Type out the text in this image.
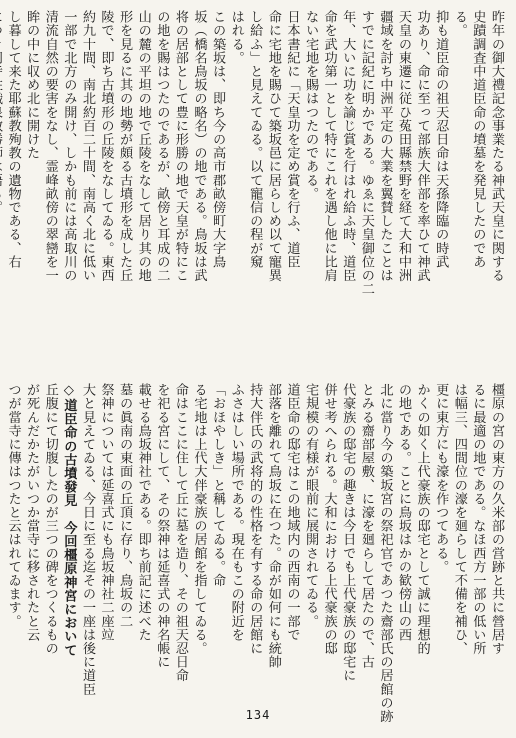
橿原の宮の東方の久米部の営跡と共に營居す
るに最適の地である。なほ西方一部の低い所
は幅三、四間位の濠を廻らして不備を補ひ、
更に東方にも濠を作つてある。
かくの如く上代豪族の邸宅として誠に理想的
の地である。ことに鳥坂はかの歓傍山の西
北に當り今の築坂宮の祭祀官であつた齋部氏の居館の跡
とみる齋部屋敷、に濠を廻らして居たので、古
代豪族の邸宅の趣きは今日でも上代豪族の邸宅に
併せ考へられる。大和における上代豪族の邸
宅規模の有様が眼前に展開されてゐる。
道臣命の邸宅はこの地域内の西南の一部で
部落を離れて鳥坂に在つた。命が如何にも統帥
持大伴氏の武将的の性格を有する命の居館に
ふさはしい場所である。現在もこの附近を
「おほやしき」と稱してゐる。命
る宅地は上代大伴豪族の居館を指してゐる。
命はここに住して丘に墓を造り、その祖天忍日命
を祀る宮にして、その祭神は延喜式の神名帳に
載せる鳥坂神社である。即ち前記に述べた
墓の眞南の東面の丘頂に存り、鳥坂の二
祭神については延喜式にも鳥坂神社二座竝
大と見えてゐる、今日に至る迄その一座は後に道臣
◇道臣命の古墳發見　今回橿原神宮において
丘腹にて切腹したのが三つの碑をつくるもの
が死んだかたがいつか當寺に移されたと云
つが當寺に傳はつたと云はれてゐます。
昨年の御大禮記念事業たる神武天皇に関する
史蹟調査中道臣命の墳墓を発見したのであ
る。
抑も道臣命の祖天忍日命は天孫降臨の時武
功あり、命に至って部族大伴部を率ひて神武
天皇の東遷に従ひ菟田縣禁野を経て大和中洲
疆域を討ち中洲平定の大業を翼賛したことは
すでに記紀に明かである。ゆゑに天皇御位の二
年、大いに功を論じ賞を行はれ給ふ時、道臣
命を武功第一として特にこれを遇し他に比肩
ない宅地を賜はつたのである。
日本書紀に「天皇功を定め賞を行ふ、道臣
命に宅地を賜ひて築坂邑に居らしめ以て寵異
し給ふ」と見えてゐる。以て寵信の程が窺
はれる。
この築坂は、即ち今の高市郡畝傍町大字鳥
坂（橋名鳥坂の略名）の地である。鳥坂は武
将の居部として豊に形勝の地で天皇が特にこ
の地を賜はつたのであるが、畝傍と耳成の二
山の麓の平坦の地で丘陵をなして居り其の地
形を見るに其の地勢が頗る古墳形を成した丘
陵で、即ち古墳形の丘陵をなしてゐる。東西
約九十間、南北約百二十間、南高く北に低い
一部で北方のみ開け、しかも前には高取川の
清流自然の要害をなし、霊峰畝傍の翠巒を一
眸の中に収め北に開けた
し暮して来た耶蘇教殉教の遺物である、右
134
